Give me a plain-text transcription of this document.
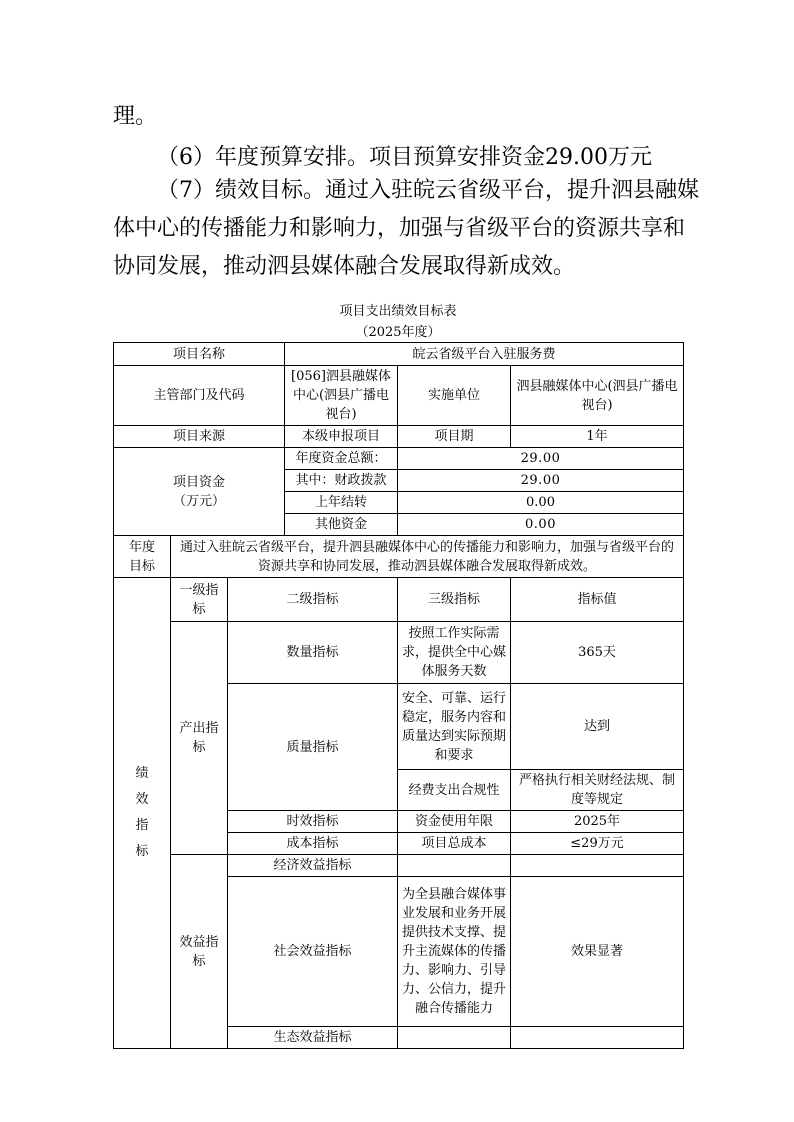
理。

（6）年度预算安排。项目预算安排资金29.00万元

（7）绩效目标。通过入驻皖云省级平台，提升泗县融媒体中心的传播能力和影响力，加强与省级平台的资源共享和协同发展，推动泗县媒体融合发展取得新成效。

项目支出绩效目标表
（2025年度）
项目名称			皖云省级平台入驻服务费		
主管部门及代码			[056]泗县融媒体中心(泗县广播电视台)	实施单位	泗县融媒体中心(泗县广播电视台)
项目来源			本级申报项目	项目期	1年

项目资金
（万元）			年度资金总额：	29.00	
			其中：财政拨款	29.00	
			上年结转	0.00	
			其他资金	0.00	

年度
目标	通过入驻皖云省级平台，提升泗县融媒体中心的传播能力和影响力，加强与省级平台的资源共享和协同发展，推动泗县媒体融合发展取得新成效。				

绩
效
指
标	一级指标	二级指标		三级指标	指标值
	产出指标	数量指标		按照工作实际需求，提供全中心媒体服务天数	365天
		质量指标		安全、可靠、运行稳定，服务内容和质量达到实际预期和要求	达到
				经费支出合规性	严格执行相关财经法规、制度等规定
		时效指标		资金使用年限	2025年
		成本指标		项目总成本	≤29万元
	效益指标	经济效益指标			
		社会效益指标		为全县融合媒体事业发展和业务开展提供技术支撑、提升主流媒体的传播力、影响力、引导力、公信力，提升融合传播能力	效果显著
		生态效益指标			
